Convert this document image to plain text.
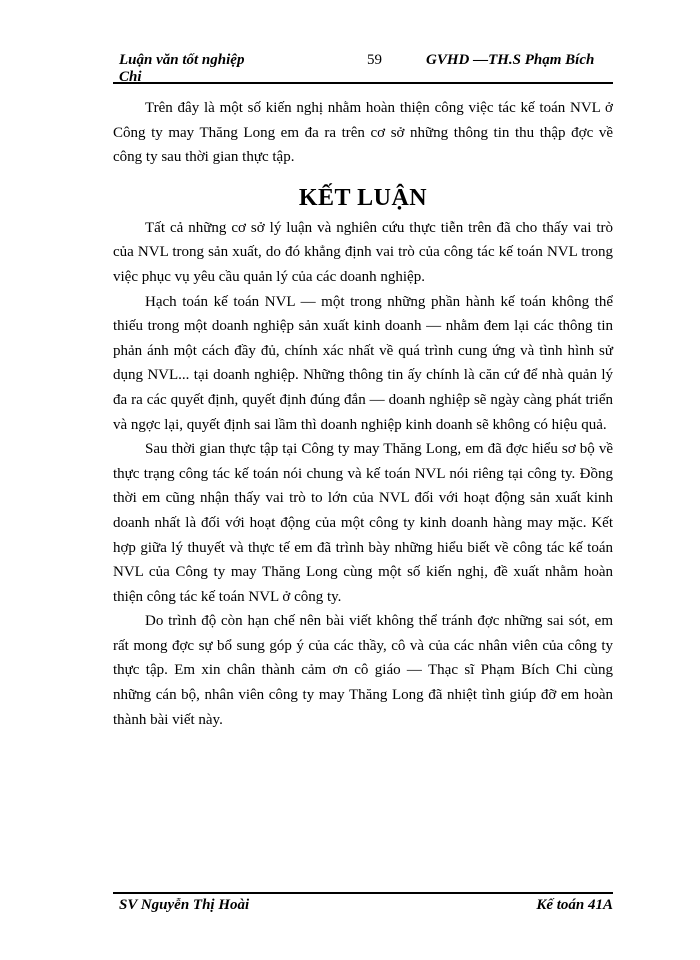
Luận văn tốt nghiệp
Chi
59	GVHD —TH.S Phạm Bích

Trên đây là một số kiến nghị nhằm hoàn thiện công việc tác kế toán NVL ở Công ty may Thăng Long em đa ra trên cơ sở những thông tin thu thập đợc về công ty sau thời gian thực tập.

KẾT LUẬN

Tất cả những cơ sở lý luận và nghiên cứu thực tiễn trên đã cho thấy vai trò của NVL trong sản xuất, do đó khẳng định vai trò của công tác kế toán NVL trong việc phục vụ yêu cầu quản lý của các doanh nghiệp.

Hạch toán kế toán NVL — một trong những phần hành kế toán không thể thiếu trong một doanh nghiệp sản xuất kinh doanh — nhằm đem lại các thông tin phản ánh một cách đầy đủ, chính xác nhất về quá trình cung ứng và tình hình sử dụng NVL... tại doanh nghiệp. Những thông tin ấy chính là căn cứ để nhà quản lý đa ra các quyết định, quyết định đúng đắn — doanh nghiệp sẽ ngày càng phát triển và ngợc lại, quyết định sai lầm thì doanh nghiệp kinh doanh sẽ không có hiệu quả.

Sau thời gian thực tập tại Công ty may Thăng Long, em đã đợc hiểu sơ bộ về thực trạng công tác kế toán nói chung và kế toán NVL nói riêng tại công ty. Đồng thời em cũng nhận thấy vai trò to lớn của NVL đối với hoạt động sản xuất kinh doanh nhất là đối với hoạt động của một công ty kinh doanh hàng may mặc. Kết hợp giữa lý thuyết và thực tế em đã trình bày những hiểu biết về công tác kế toán NVL của Công ty may Thăng Long cùng một số kiến nghị, đề xuất nhằm hoàn thiện công tác kế toán NVL ở công ty.

Do trình độ còn hạn chế nên bài viết không thể tránh đợc những sai sót, em rất mong đợc sự bổ sung góp ý của các thầy, cô và của các nhân viên của công ty thực tập. Em xin chân thành cảm ơn cô giáo — Thạc sĩ Phạm Bích Chi cùng những cán bộ, nhân viên công ty may Thăng Long đã nhiệt tình giúp đỡ em hoàn thành bài viết này.

SV Nguyễn Thị Hoài	Kế toán 41A
